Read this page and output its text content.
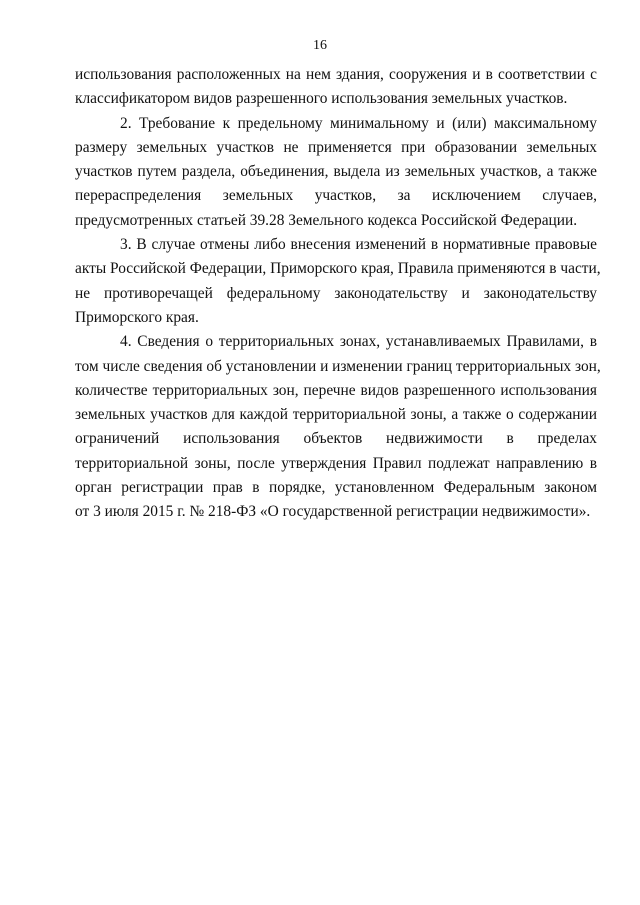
16
использования расположенных на нем здания, сооружения и в соответствии с
классификатором видов разрешенного использования земельных участков.
2. Требование к предельному минимальному и (или) максимальному
размеру земельных участков не применяется при образовании земельных
участков путем раздела, объединения, выдела из земельных участков, а также
перераспределения земельных участков, за исключением случаев,
предусмотренных статьей 39.28 Земельного кодекса Российской Федерации.
3. В случае отмены либо внесения изменений в нормативные правовые
акты Российской Федерации, Приморского края, Правила применяются в части,
не противоречащей федеральному законодательству и законодательству
Приморского края.
4. Сведения о территориальных зонах, устанавливаемых Правилами, в
том числе сведения об установлении и изменении границ территориальных зон,
количестве территориальных зон, перечне видов разрешенного использования
земельных участков для каждой территориальной зоны, а также о содержании
ограничений использования объектов недвижимости в пределах
территориальной зоны, после утверждения Правил подлежат направлению в
орган регистрации прав в порядке, установленном Федеральным законом
от 3 июля 2015 г. № 218-ФЗ «О государственной регистрации недвижимости».
